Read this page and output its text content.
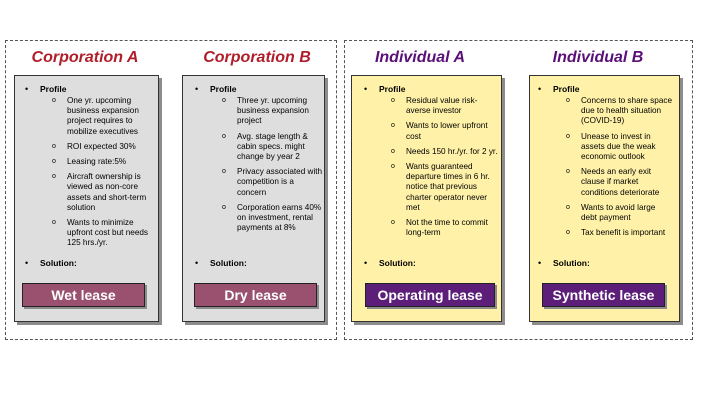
Corporation A	Corporation B	Individual A	Individual B
• Profile
o One yr. upcoming business expansion project requires to mobilize executives
o ROI expected 30%
o Leasing rate:5%
o Aircraft ownership is viewed as non-core assets and short-term solution
o Wants to minimize upfront cost but needs 125 hrs./yr.
• Solution:
Wet lease
• Profile
o Three yr. upcoming business expansion project
o Avg. stage length & cabin specs. might change by year 2
o Privacy associated with competition is a concern
o Corporation earns 40% on investment, rental payments at 8%
• Solution:
Dry lease
• Profile
o Residual value risk-averse investor
o Wants to lower upfront cost
o Needs 150 hr./yr. for 2 yr.
o Wants guaranteed departure times in 6 hr. notice that previous charter operator never met
o Not the time to commit long-term
• Solution:
Operating lease
• Profile
o Concerns to share space due to health situation (COVID-19)
o Unease to invest in assets due the weak economic outlook
o Needs an early exit clause if market conditions deteriorate
o Wants to avoid large debt payment
o Tax benefit is important
• Solution:
Synthetic lease
